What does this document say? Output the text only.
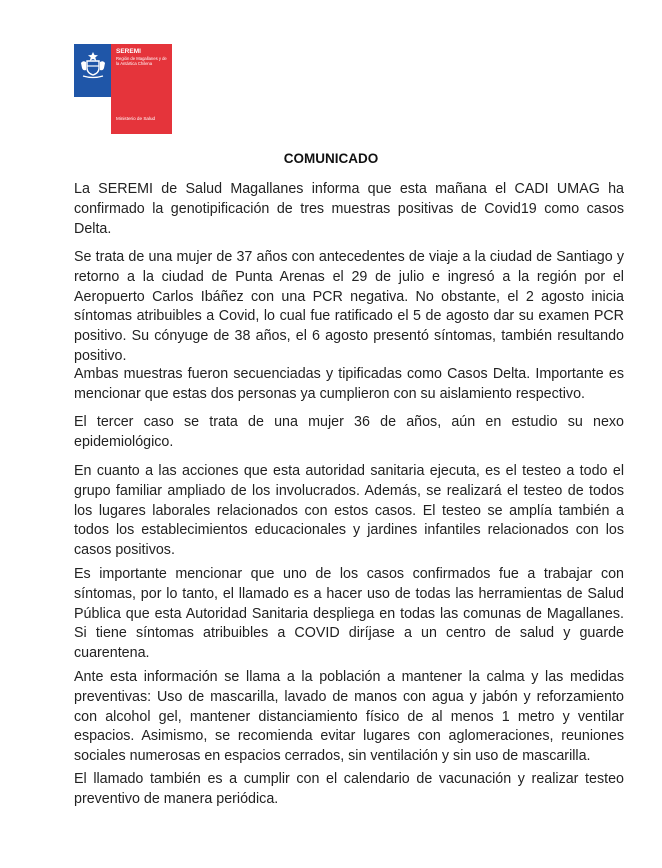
SEREMI
Región de Magallanes y de la Antártica Chilena
Ministerio de Salud
COMUNICADO

La SEREMI de Salud Magallanes informa que esta mañana el CADI UMAG ha confirmado la genotipificación de tres muestras positivas de Covid19 como casos Delta.

Se trata de una mujer de 37 años con antecedentes de viaje a la ciudad de Santiago y retorno a la ciudad de Punta Arenas el 29 de julio e ingresó a la región por el Aeropuerto Carlos Ibáñez con una PCR negativa. No obstante, el 2 agosto inicia síntomas atribuibles a Covid, lo cual fue ratificado el 5 de agosto dar su examen PCR positivo. Su cónyuge de 38 años, el 6 agosto presentó síntomas, también resultando positivo.

Ambas muestras fueron secuenciadas y tipificadas como Casos Delta. Importante es mencionar que estas dos personas ya cumplieron con su aislamiento respectivo.

El tercer caso se trata de una mujer 36 de años, aún en estudio su nexo epidemiológico.

En cuanto a las acciones que esta autoridad sanitaria ejecuta, es el testeo a todo el grupo familiar ampliado de los involucrados. Además, se realizará el testeo de todos los lugares laborales relacionados con estos casos. El testeo se amplía también a todos los establecimientos educacionales y jardines infantiles relacionados con los casos positivos.

Es importante mencionar que uno de los casos confirmados fue a trabajar con síntomas, por lo tanto, el llamado es a hacer uso de todas las herramientas de Salud Pública que esta Autoridad Sanitaria despliega en todas las comunas de Magallanes. Si tiene síntomas atribuibles a COVID diríjase a un centro de salud y guarde cuarentena.

Ante esta información se llama a la población a mantener la calma y las medidas preventivas: Uso de mascarilla, lavado de manos con agua y jabón y reforzamiento con alcohol gel, mantener distanciamiento físico de al menos 1 metro y ventilar espacios. Asimismo, se recomienda evitar lugares con aglomeraciones, reuniones sociales numerosas en espacios cerrados, sin ventilación y sin uso de mascarilla.

El llamado también es a cumplir con el calendario de vacunación y realizar testeo preventivo de manera periódica.
